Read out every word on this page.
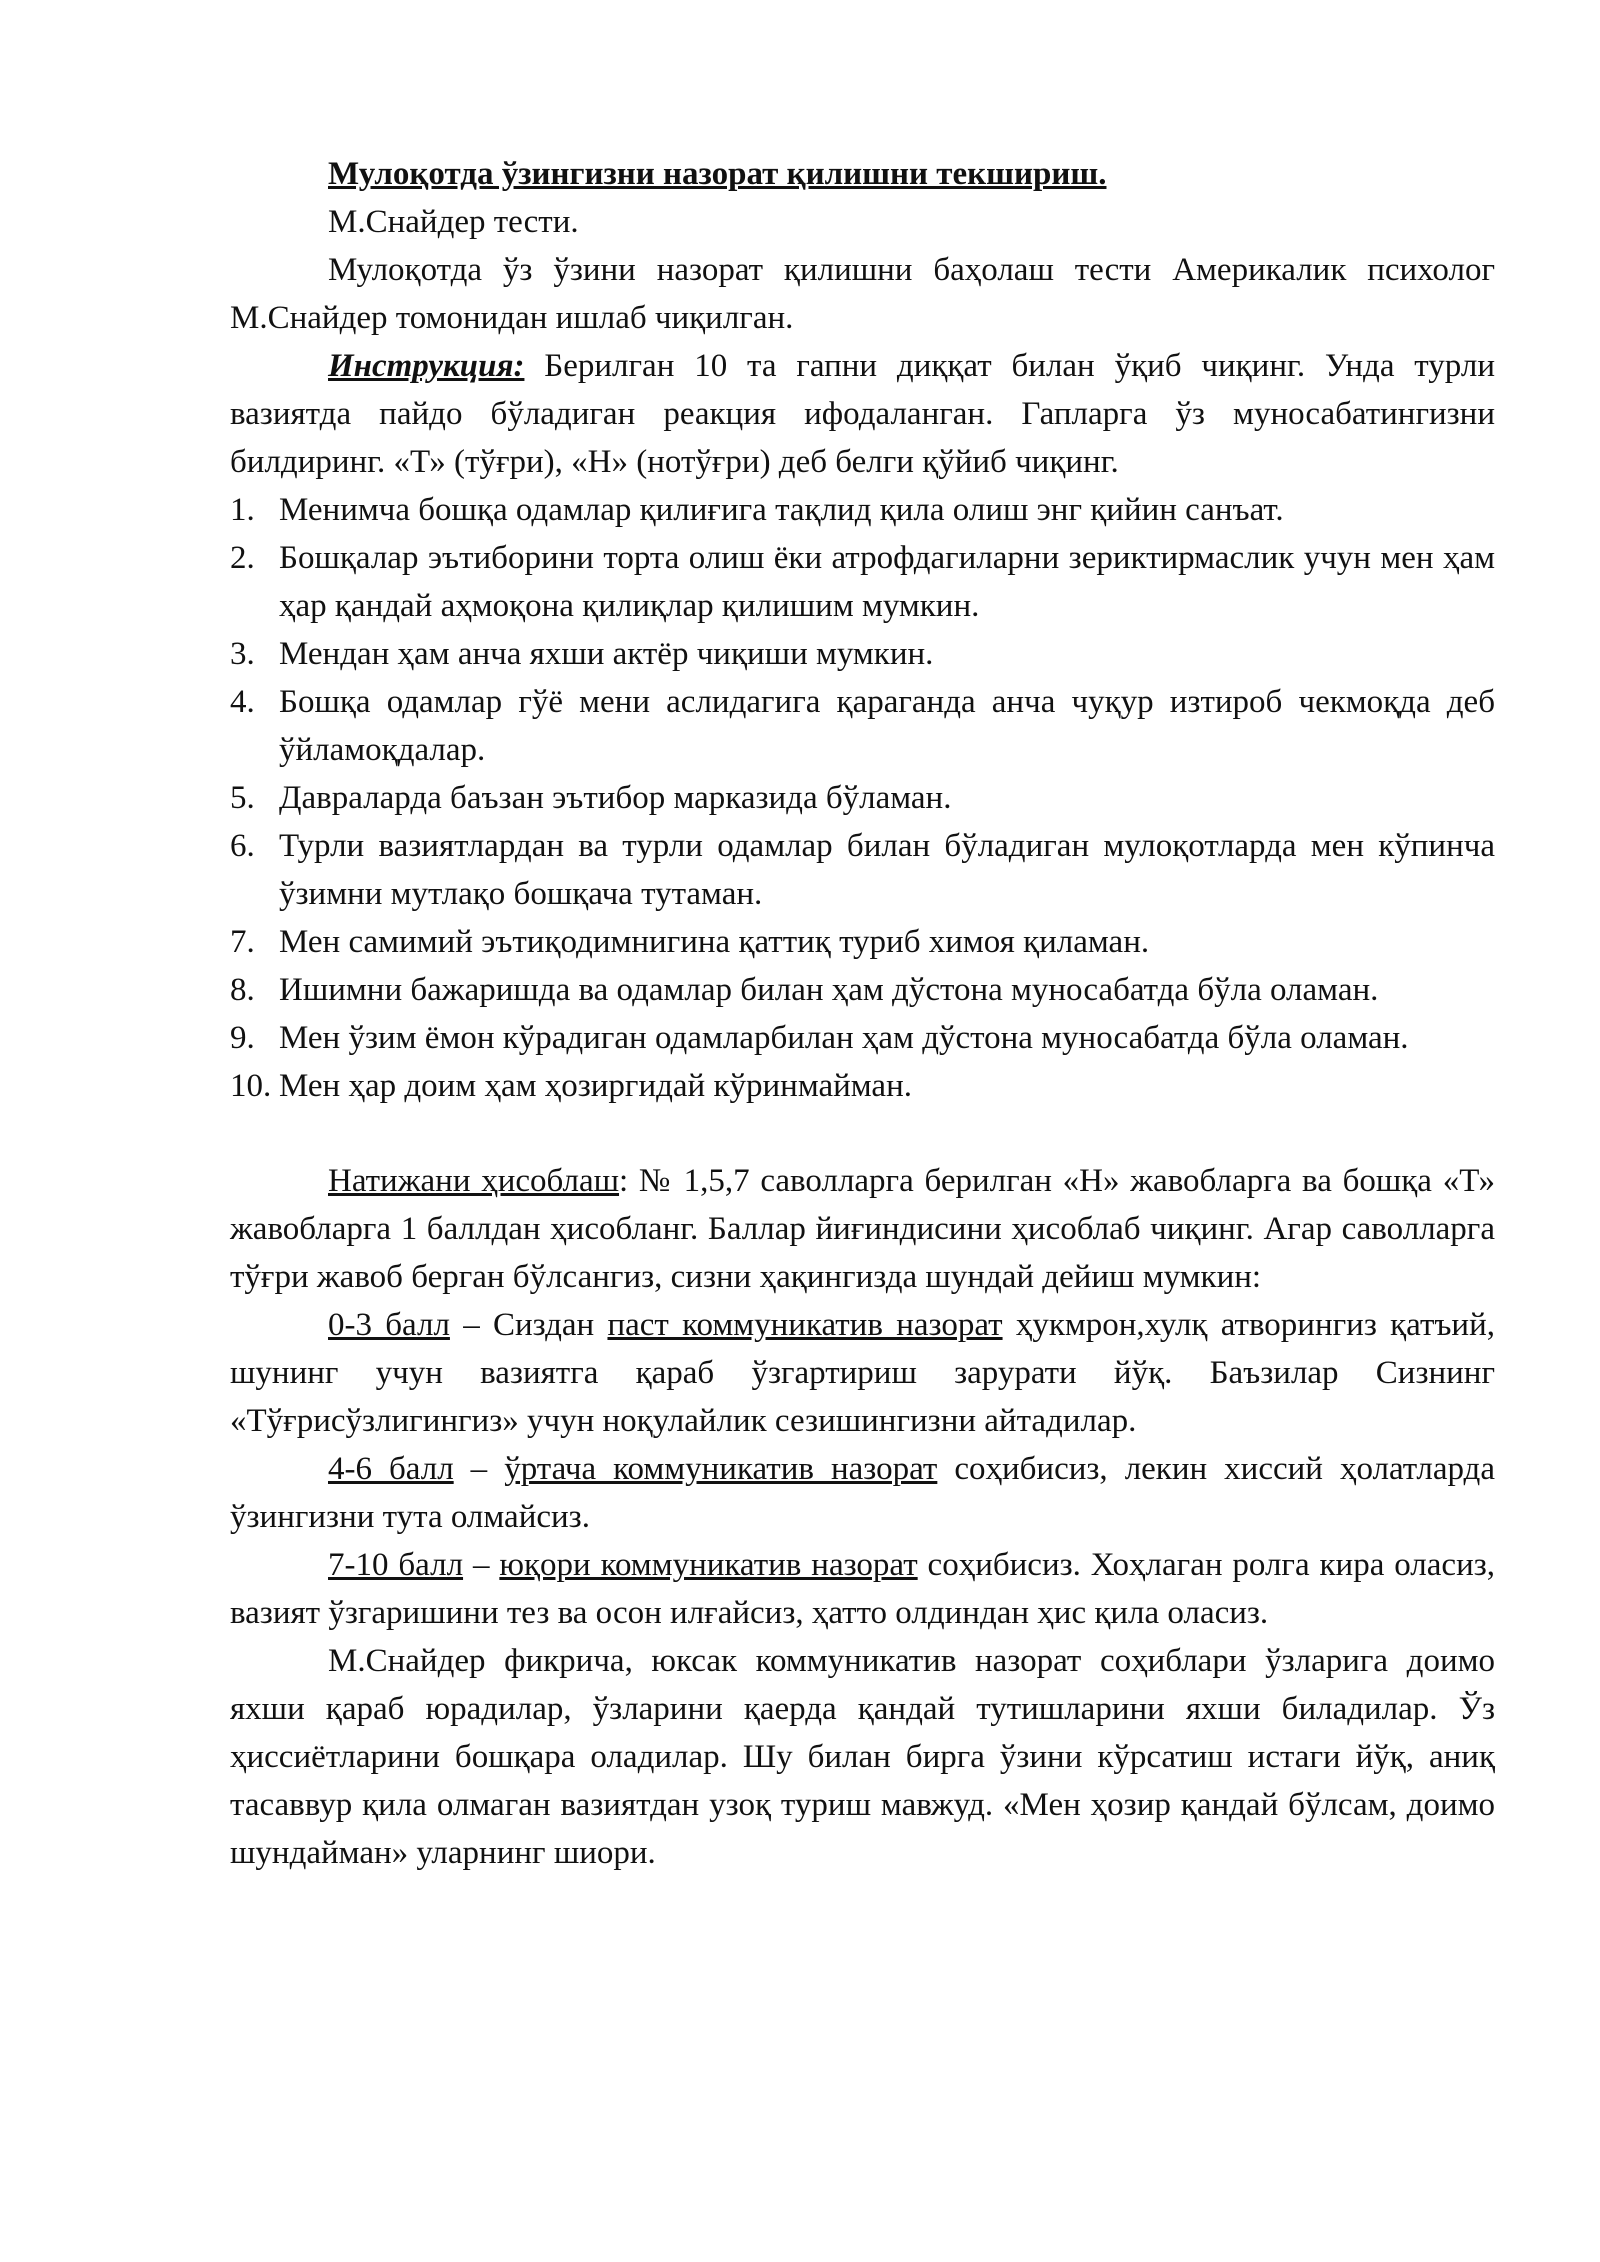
Мулоқотда ўзингизни назорат қилишни текшириш.

М.Снайдер тести.

Мулоқотда ўз ўзини назорат қилишни баҳолаш тести Америкалик психолог М.Снайдер томонидан ишлаб чиқилган.

Инструкция: Берилган 10 та гапни диққат билан ўқиб чиқинг. Унда турли вазиятда пайдо бўладиган реакция ифодаланган. Гапларга ўз муносабатингизни билдиринг. «Т» (тўғри), «Н» (нотўғри) деб белги қўйиб чиқинг.

1. Менимча бошқа одамлар қилиғига тақлид қила олиш энг қийин санъат.
2. Бошқалар эътиборини торта олиш ёки атрофдагиларни зериктирмаслик учун мен ҳам ҳар қандай аҳмоқона қилиқлар қилишим мумкин.
3. Мендан ҳам анча яхши актёр чиқиши мумкин.
4. Бошқа одамлар гўё мени аслидагига қараганда анча чуқур изтироб чекмоқда деб ўйламоқдалар.
5. Давраларда баъзан эътибор марказида бўламан.
6. Турли вазиятлардан ва турли одамлар билан бўладиган мулоқотларда мен кўпинча ўзимни мутлақо бошқача тутаман.
7. Мен самимий эътиқодимнигина қаттиқ туриб химоя қиламан.
8. Ишимни бажаришда ва одамлар билан ҳам дўстона муносабатда бўла оламан.
9. Мен ўзим ёмон кўрадиган одамларбилан ҳам дўстона муносабатда бўла оламан.
10. Мен ҳар доим ҳам ҳозиргидай кўринмайман.

Натижани ҳисоблаш: № 1,5,7 саволларга берилган «Н» жавобларга ва бошқа «Т» жавобларга 1 баллдан ҳисобланг. Баллар йиғиндисини ҳисоблаб чиқинг. Агар саволларга тўғри жавоб берган бўлсангиз, сизни ҳақингизда шундай дейиш мумкин:

0-3 балл – Сиздан паст коммуникатив назорат ҳукмрон,хулқ атворингиз қатъий, шунинг учун вазиятга қараб ўзгартириш зарурати йўқ. Баъзилар Сизнинг «Тўғрисўзлигингиз» учун ноқулайлик сезишингизни айтадилар.

4-6 балл – ўртача коммуникатив назорат соҳибисиз, лекин хиссий ҳолатларда ўзингизни тута олмайсиз.

7-10 балл – юқори коммуникатив назорат соҳибисиз. Хоҳлаган ролга кира оласиз, вазият ўзгаришини тез ва осон илғайсиз, ҳатто олдиндан ҳис қила оласиз.

М.Снайдер фикрича, юксак коммуникатив назорат соҳиблари ўзларига доимо яхши қараб юрадилар, ўзларини қаерда қандай тутишларини яхши биладилар. Ўз ҳиссиётларини бошқара оладилар. Шу билан бирга ўзини кўрсатиш истаги йўқ, аниқ тасаввур қила олмаган вазиятдан узоқ туриш мавжуд. «Мен ҳозир қандай бўлсам, доимо шундайман» уларнинг шиори.
